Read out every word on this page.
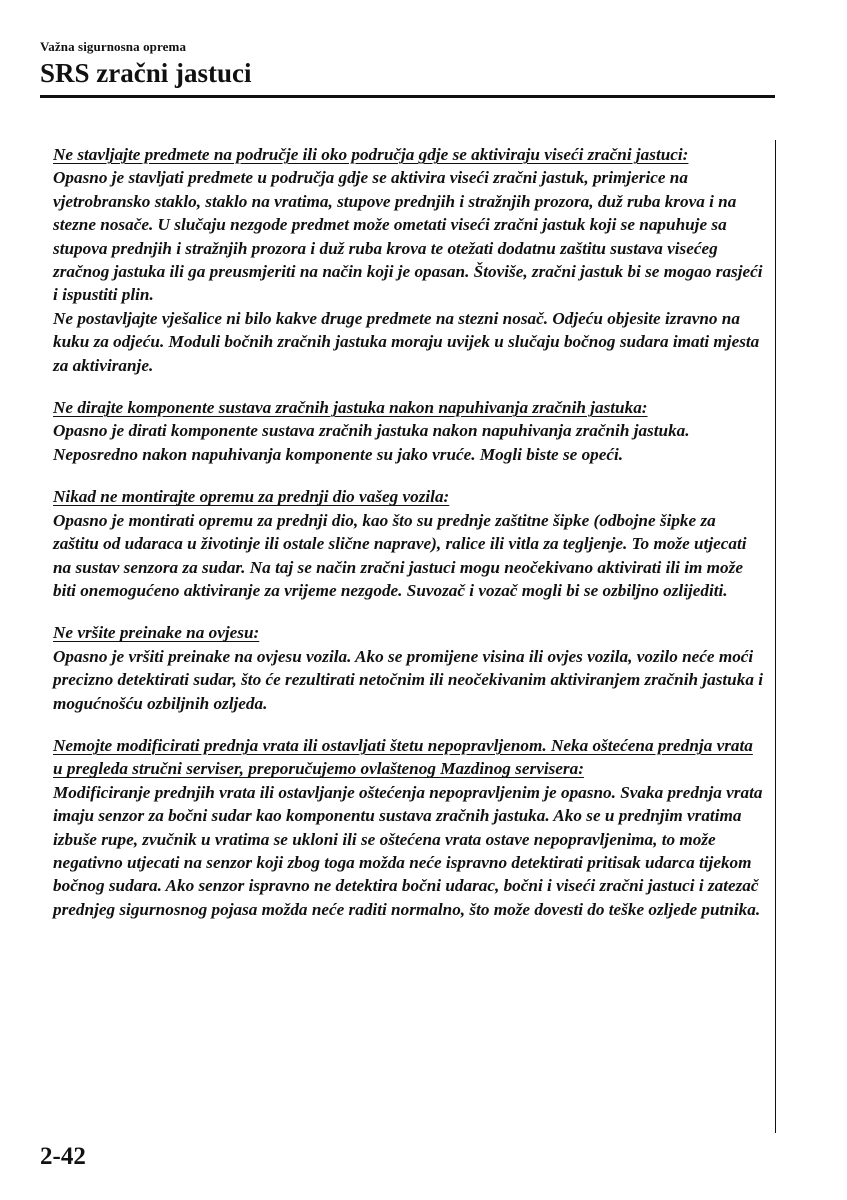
Važna sigurnosna oprema
SRS zračni jastuci
Ne stavljajte predmete na područje ili oko područja gdje se aktiviraju viseći zračni jastuci:

Opasno je stavljati predmete u područja gdje se aktivira viseći zračni jastuk, primjerice na vjetrobransko staklo, staklo na vratima, stupove prednjih i stražnjih prozora, duž ruba krova i na stezne nosače. U slučaju nezgode predmet može ometati viseći zračni jastuk koji se napuhuje sa stupova prednjih i stražnjih prozora i duž ruba krova te otežati dodatnu zaštitu sustava visećeg zračnog jastuka ili ga preusmjeriti na način koji je opasan. Štoviše, zračni jastuk bi se mogao rasjeći i ispustiti plin.

Ne postavljajte vješalice ni bilo kakve druge predmete na stezni nosač. Odjeću objesite izravno na kuku za odjeću. Moduli bočnih zračnih jastuka moraju uvijek u slučaju bočnog sudara imati mjesta za aktiviranje.

Ne dirajte komponente sustava zračnih jastuka nakon napuhivanja zračnih jastuka:

Opasno je dirati komponente sustava zračnih jastuka nakon napuhivanja zračnih jastuka. Neposredno nakon napuhivanja komponente su jako vruće. Mogli biste se opeći.

Nikad ne montirajte opremu za prednji dio vašeg vozila:

Opasno je montirati opremu za prednji dio, kao što su prednje zaštitne šipke (odbojne šipke za zaštitu od udaraca u životinje ili ostale slične naprave), ralice ili vitla za tegljenje. To može utjecati na sustav senzora za sudar. Na taj se način zračni jastuci mogu neočekivano aktivirati ili im može biti onemogućeno aktiviranje za vrijeme nezgode. Suvozač i vozač mogli bi se ozbiljno ozlijediti.

Ne vršite preinake na ovjesu:

Opasno je vršiti preinake na ovjesu vozila. Ako se promijene visina ili ovjes vozila, vozilo neće moći precizno detektirati sudar, što će rezultirati netočnim ili neočekivanim aktiviranjem zračnih jastuka i mogućnošću ozbiljnih ozljeda.

Nemojte modificirati prednja vrata ili ostavljati štetu nepopravljenom. Neka oštećena prednja vrata u pregleda stručni serviser, preporučujemo ovlaštenog Mazdinog servisera:

Modificiranje prednjih vrata ili ostavljanje oštećenja nepopravljenim je opasno. Svaka prednja vrata imaju senzor za bočni sudar kao komponentu sustava zračnih jastuka. Ako se u prednjim vratima izbuše rupe, zvučnik u vratima se ukloni ili se oštećena vrata ostave nepopravljenima, to može negativno utjecati na senzor koji zbog toga možda neće ispravno detektirati pritisak udarca tijekom bočnog sudara. Ako senzor ispravno ne detektira bočni udarac, bočni i viseći zračni jastuci i zatezač prednjeg sigurnosnog pojasa možda neće raditi normalno, što može dovesti do teške ozljede putnika.

2-42
